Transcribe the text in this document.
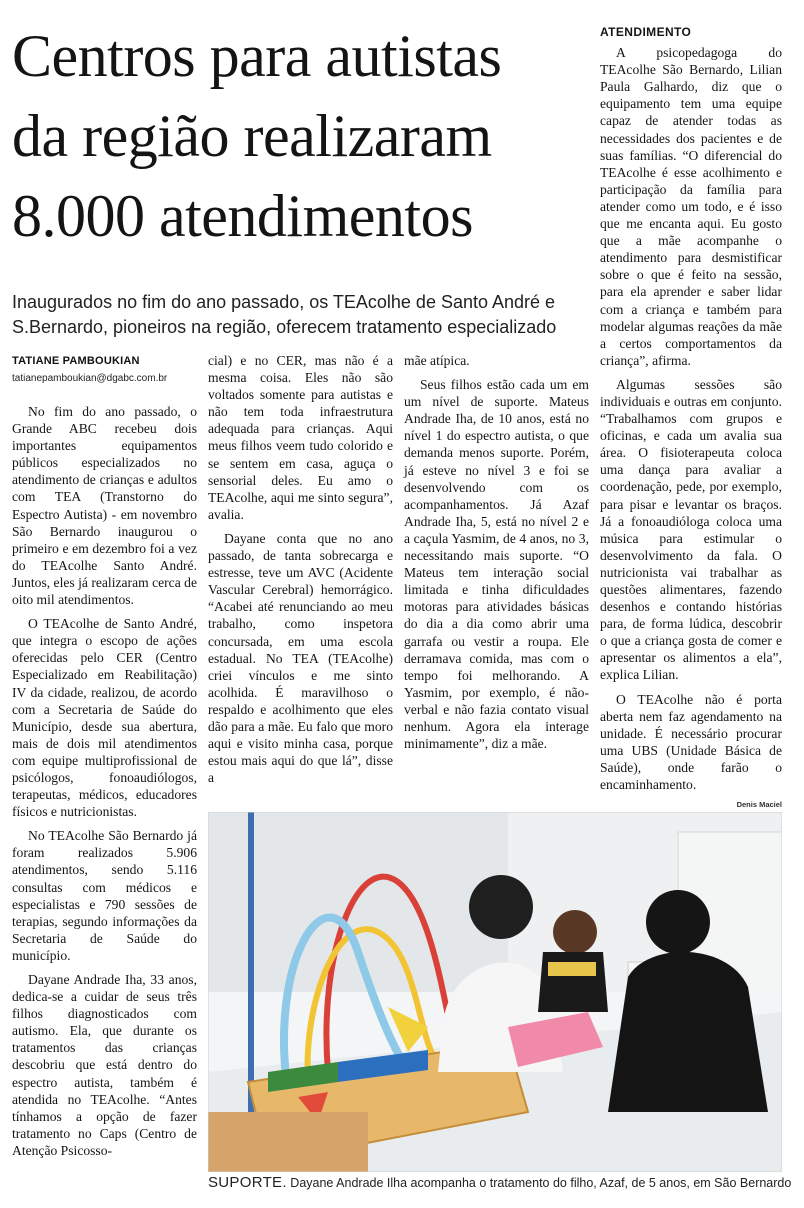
Centros para autistas
da região realizaram
8.000 atendimentos
Inaugurados no fim do ano passado, os TEAcolhe de Santo André e
S.Bernardo, pioneiros na região, oferecem tratamento especializado
TATIANE PAMBOUKIAN
tatianepamboukian@dgabc.com.br

No fim do ano passado, o Grande ABC recebeu dois importantes equipamentos públicos especializados no atendimento de crianças e adultos com TEA (Transtorno do Espectro Autista) - em novembro São Bernardo inaugurou o primeiro e em dezembro foi a vez do TEAcolhe Santo André. Juntos, eles já realizaram cerca de oito mil atendimentos.

O TEAcolhe de Santo André, que integra o escopo de ações oferecidas pelo CER (Centro Especializado em Reabilitação) IV da cidade, realizou, de acordo com a Secretaria de Saúde do Município, desde sua abertura, mais de dois mil atendimentos com equipe multiprofissional de psicólogos, fonoaudiólogos, terapeutas, médicos, educadores físicos e nutricionistas.

No TEAcolhe São Bernardo já foram realizados 5.906 atendimentos, sendo 5.116 consultas com médicos e especialistas e 790 sessões de terapias, segundo informações da Secretaria de Saúde do município.

Dayane Andrade Iha, 33 anos, dedica-se a cuidar de seus três filhos diagnosticados com autismo. Ela, que durante os tratamentos das crianças descobriu que está dentro do espectro autista, também é atendida no TEAcolhe. “Antes tínhamos a opção de fazer tratamento no Caps (Centro de Atenção Psicosso-

cial) e no CER, mas não é a mesma coisa. Eles não são voltados somente para autistas e não tem toda infraestrutura adequada para crianças. Aqui meus filhos veem tudo colorido e se sentem em casa, aguça o sensorial deles. Eu amo o TEAcolhe, aqui me sinto segura”, avalia.

Dayane conta que no ano passado, de tanta sobrecarga e estresse, teve um AVC (Acidente Vascular Cerebral) hemorrágico. “Acabei até renunciando ao meu trabalho, como inspetora concursada, em uma escola estadual. No TEA (TEAcolhe) criei vínculos e me sinto acolhida. É maravilhoso o respaldo e acolhimento que eles dão para a mãe. Eu falo que moro aqui e visito minha casa, porque estou mais aqui do que lá”, disse a

mãe atípica.

Seus filhos estão cada um em um nível de suporte. Mateus Andrade Iha, de 10 anos, está no nível 1 do espectro autista, o que demanda menos suporte. Porém, já esteve no nível 3 e foi se desenvolvendo com os acompanhamentos. Já Azaf Andrade Iha, 5, está no nível 2 e a caçula Yasmim, de 4 anos, no 3, necessitando mais suporte. “O Mateus tem interação social limitada e tinha dificuldades motoras para atividades básicas do dia a dia como abrir uma garrafa ou vestir a roupa. Ele derramava comida, mas com o tempo foi melhorando. A Yasmim, por exemplo, é não-verbal e não fazia contato visual nenhum. Agora ela interage minimamente”, diz a mãe.

ATENDIMENTO

A psicopedagoga do TEAcolhe São Bernardo, Lilian Paula Galhardo, diz que o equipamento tem uma equipe capaz de atender todas as necessidades dos pacientes e de suas famílias. “O diferencial do TEAcolhe é esse acolhimento e participação da família para atender como um todo, e é isso que me encanta aqui. Eu gosto que a mãe acompanhe o atendimento para desmistificar sobre o que é feito na sessão, para ela aprender e saber lidar com a criança e também para modelar algumas reações da mãe a certos comportamentos da criança”, afirma.

Algumas sessões são individuais e outras em conjunto. “Trabalhamos com grupos e oficinas, e cada um avalia sua área. O fisioterapeuta coloca uma dança para avaliar a coordenação, pede, por exemplo, para pisar e levantar os braços. Já a fonoaudióloga coloca uma música para estimular o desenvolvimento da fala. O nutricionista vai trabalhar as questões alimentares, fazendo desenhos e contando histórias para, de forma lúdica, descobrir o que a criança gosta de comer e apresentar os alimentos a ela”, explica Lilian.

O TEAcolhe não é porta aberta nem faz agendamento na unidade. É necessário procurar uma UBS (Unidade Básica de Saúde), onde farão o encaminhamento.

Denis Maciel
SUPORTE. Dayane Andrade Ilha acompanha o tratamento do filho, Azaf, de 5 anos, em São Bernardo
